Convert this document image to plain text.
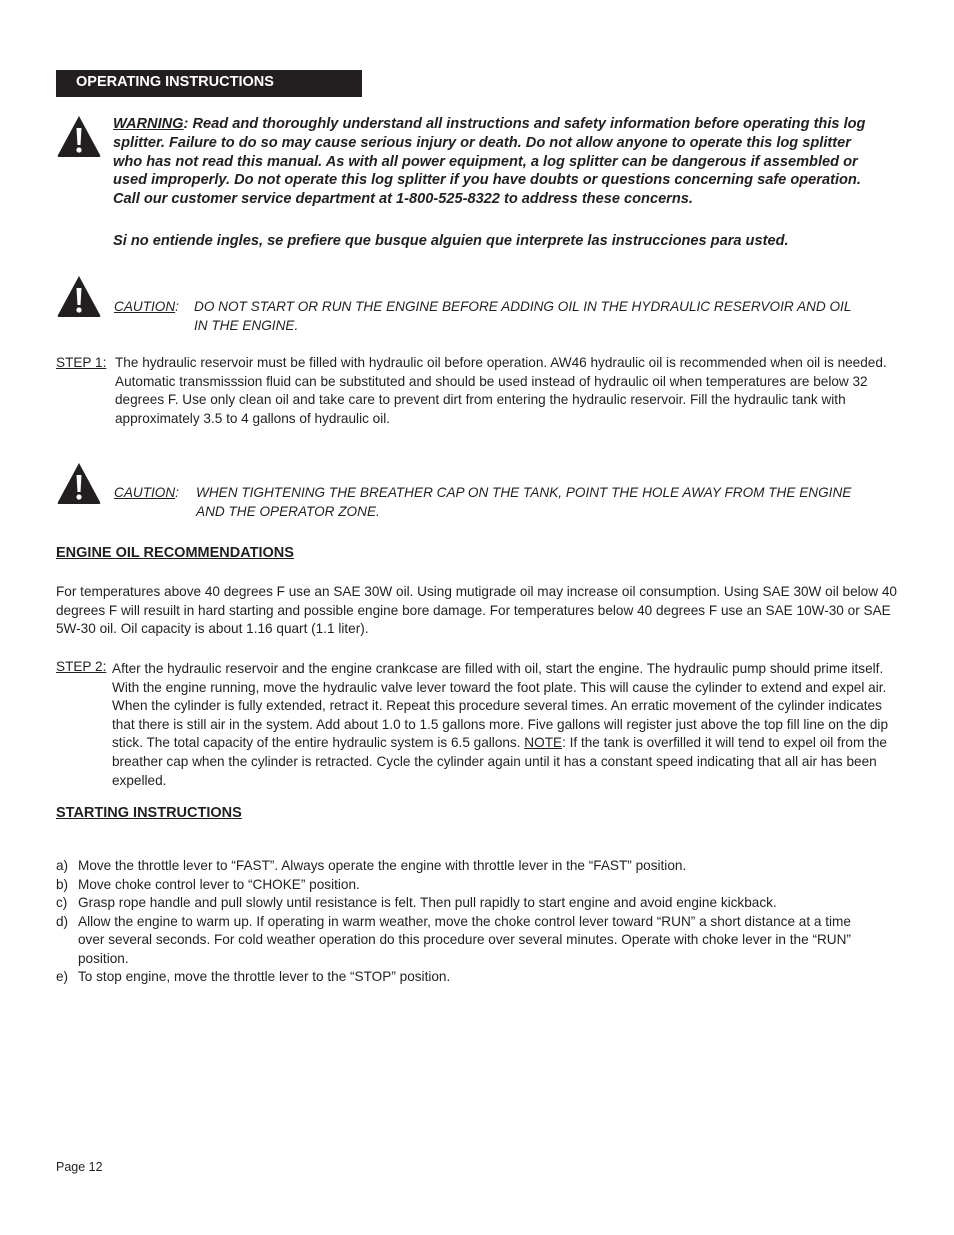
OPERATING INSTRUCTIONS
WARNING: Read and thoroughly understand all instructions and safety information before operating this log splitter. Failure to do so may cause serious injury or death. Do not allow anyone to operate this log splitter who has not read this manual. As with all power equipment, a log splitter can be dangerous if assembled or used improperly. Do not operate this log splitter if you have doubts or questions concerning safe operation. Call our customer service department at 1-800-525-8322 to address these concerns.
Si no entiende ingles, se prefiere que busque alguien que interprete las instrucciones para usted.
CAUTION: DO NOT START OR RUN THE ENGINE BEFORE ADDING OIL IN THE HYDRAULIC RESERVOIR AND OIL IN THE ENGINE.
STEP 1: The hydraulic reservoir must be filled with hydraulic oil before operation. AW46 hydraulic oil is recommended when oil is needed. Automatic transmisssion fluid can be substituted and should be used instead of hydraulic oil when temperatures are below 32 degrees F. Use only clean oil and take care to prevent dirt from entering the hydraulic reservoir. Fill the hydraulic tank with approximately 3.5 to 4 gallons of hydraulic oil.
CAUTION: WHEN TIGHTENING THE BREATHER CAP ON THE TANK, POINT THE HOLE AWAY FROM THE ENGINE AND THE OPERATOR ZONE.
ENGINE OIL RECOMMENDATIONS
For temperatures above 40 degrees F use an SAE 30W oil. Using mutigrade oil may increase oil consumption. Using SAE 30W oil below 40 degrees F will resuilt in hard starting and possible engine bore damage. For temperatures below 40 degrees F use an SAE 10W-30 or SAE 5W-30 oil. Oil capacity is about 1.16 quart (1.1 liter).
STEP 2: After the hydraulic reservoir and the engine crankcase are filled with oil, start the engine. The hydraulic pump should prime itself. With the engine running, move the hydraulic valve lever toward the foot plate. This will cause the cylinder to extend and expel air. When the cylinder is fully extended, retract it. Repeat this procedure several times. An erratic movement of the cylinder indicates that there is still air in the system. Add about 1.0 to 1.5 gallons more. Five gallons will register just above the top fill line on the dip stick. The total capacity of the entire hydraulic system is 6.5 gallons. NOTE: If the tank is overfilled it will tend to expel oil from the breather cap when the cylinder is retracted. Cycle the cylinder again until it has a constant speed indicating that all air has been expelled.
STARTING INSTRUCTIONS
a) Move the throttle lever to “FAST”. Always operate the engine with throttle lever in the “FAST” position.
b) Move choke control lever to “CHOKE” position.
c) Grasp rope handle and pull slowly until resistance is felt. Then pull rapidly to start engine and avoid engine kickback.
d) Allow the engine to warm up. If operating in warm weather, move the choke control lever toward “RUN” a short distance at a time over several seconds. For cold weather operation do this procedure over several minutes. Operate with choke lever in the “RUN” position.
e) To stop engine, move the throttle lever to the “STOP” position.
Page 12
